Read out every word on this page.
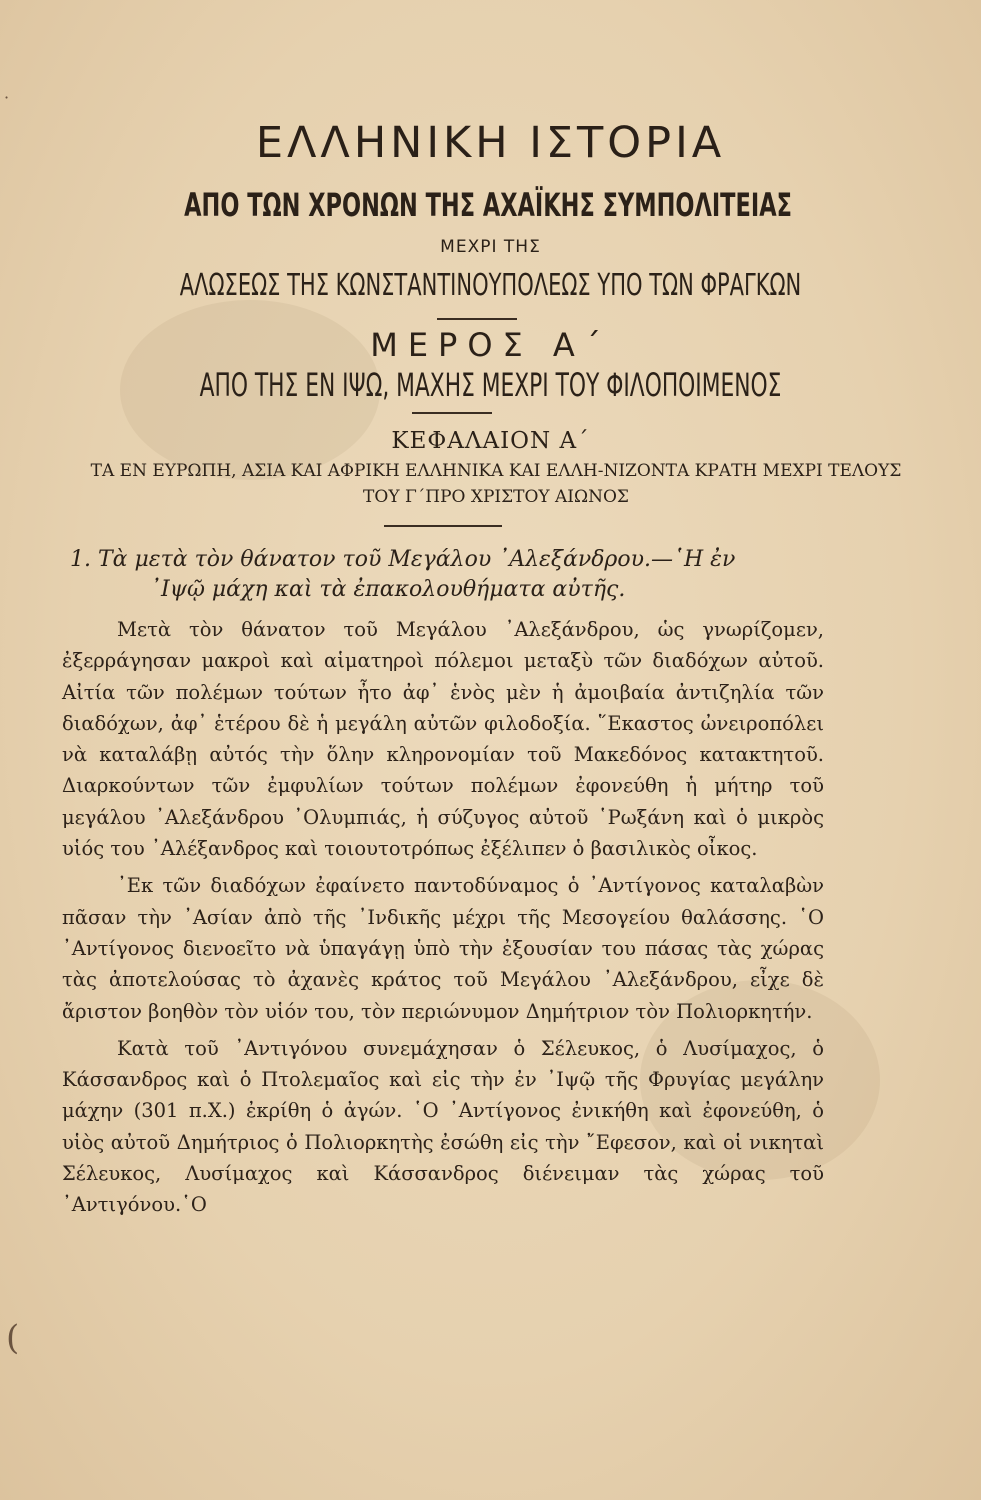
·
(
ΕΛΛΗΝΙΚΗ ΙΣΤΟΡΙΑ
ΑΠΟ ΤΩΝ ΧΡΟΝΩΝ ΤΗΣ ΑΧΑΪΚΗΣ ΣΥΜΠΟΛΙΤΕΙΑΣ
ΜΕΧΡΙ ΤΗΣ
ΑΛΩΣΕΩΣ ΤΗΣ ΚΩΝΣΤΑΝΤΙΝΟΥΠΟΛΕΩΣ ΥΠΟ ΤΩΝ ΦΡΑΓΚΩΝ
ΜΕΡΟΣ Α΄
ΑΠΟ ΤΗΣ ΕΝ ΙΨΩ, ΜΑΧΗΣ ΜΕΧΡΙ ΤΟΥ ΦΙΛΟΠΟΙΜΕΝΟΣ
ΚΕΦΑΛΑΙΟΝ Α΄
ΤΑ ΕΝ ΕΥΡΩΠΗ, ΑΣΙΑ ΚΑΙ ΑΦΡΙΚΗ ΕΛΛΗΝΙΚΑ ΚΑΙ ΕΛΛΗ-ΝΙΖΟΝΤΑ ΚΡΑΤΗ ΜΕΧΡΙ ΤΕΛΟΥΣ ΤΟΥ Γ΄ΠΡΟ ΧΡΙΣΤΟΥ ΑΙΩΝΟΣ
1. Τὰ μετὰ τὸν θάνατον τοῦ Μεγάλου ᾿Αλεξάνδρου.—῾Η ἐν
᾿Ιψῷ μάχη καὶ τὰ ἐπακολουθήματα αὐτῆς.

Μετὰ τὸν θάνατον τοῦ Μεγάλου ᾿Αλεξάνδρου, ὡς γνωρίζομεν, ἐξερράγησαν μακροὶ καὶ αἱματηροὶ πόλεμοι μεταξὺ τῶν διαδόχων αὐτοῦ. Αἰτία τῶν πολέμων τούτων ἦτο ἀφ᾿ ἑνὸς μὲν ἡ ἀμοιβαία ἀντιζηλία τῶν διαδόχων, ἀφ᾿ ἑτέρου δὲ ἡ μεγάλη αὐτῶν φιλοδοξία. ῞Εκαστος ὠνειροπόλει νὰ καταλάβῃ αὐτός τὴν ὅλην κληρονομίαν τοῦ Μακεδόνος κατακτητοῦ. Διαρκούντων τῶν ἐμφυλίων τούτων πολέμων ἐφονεύθη ἡ μήτηρ τοῦ μεγάλου ᾿Αλεξάνδρου ᾿Ολυμπιάς, ἡ σύζυγος αὐτοῦ ῾Ρωξάνη καὶ ὁ μικρὸς υἱός του ᾿Αλέξανδρος καὶ τοιουτοτρόπως ἐξέλιπεν ὁ βασιλικὸς οἶκος.

᾿Εκ τῶν διαδόχων ἐφαίνετο παντοδύναμος ὁ ᾿Αντίγονος καταλαβὼν πᾶσαν τὴν ᾿Ασίαν ἀπὸ τῆς ᾿Ινδικῆς μέχρι τῆς Μεσογείου θαλάσσης. ῾Ο ᾿Αντίγονος διενοεῖτο νὰ ὑπαγάγῃ ὑπὸ τὴν ἐξουσίαν του πάσας τὰς χώρας τὰς ἀποτελούσας τὸ ἀχανὲς κράτος τοῦ Μεγάλου ᾿Αλεξάνδρου, εἶχε δὲ ἄριστον βοηθὸν τὸν υἱόν του, τὸν περιώνυμον Δημήτριον τὸν Πολιορκητήν.

Κατὰ τοῦ ᾿Αντιγόνου συνεμάχησαν ὁ Σέλευκος, ὁ Λυσίμαχος, ὁ Κάσσανδρος καὶ ὁ Πτολεμαῖος καὶ εἰς τὴν ἐν ᾿Ιψῷ τῆς Φρυγίας μεγάλην μάχην (301 π.Χ.) ἐκρίθη ὁ ἀγών. ῾Ο ᾿Αντίγονος ἐνικήθη καὶ ἐφονεύθη, ὁ υἱὸς αὐτοῦ Δημήτριος ὁ Πολιορκητὴς ἐσώθη εἰς τὴν ῎Εφεσον, καὶ οἱ νικηταὶ Σέλευκος, Λυσίμαχος καὶ Κάσσανδρος διένειμαν τὰς χώρας τοῦ ᾿Αντιγόνου.῾Ο
